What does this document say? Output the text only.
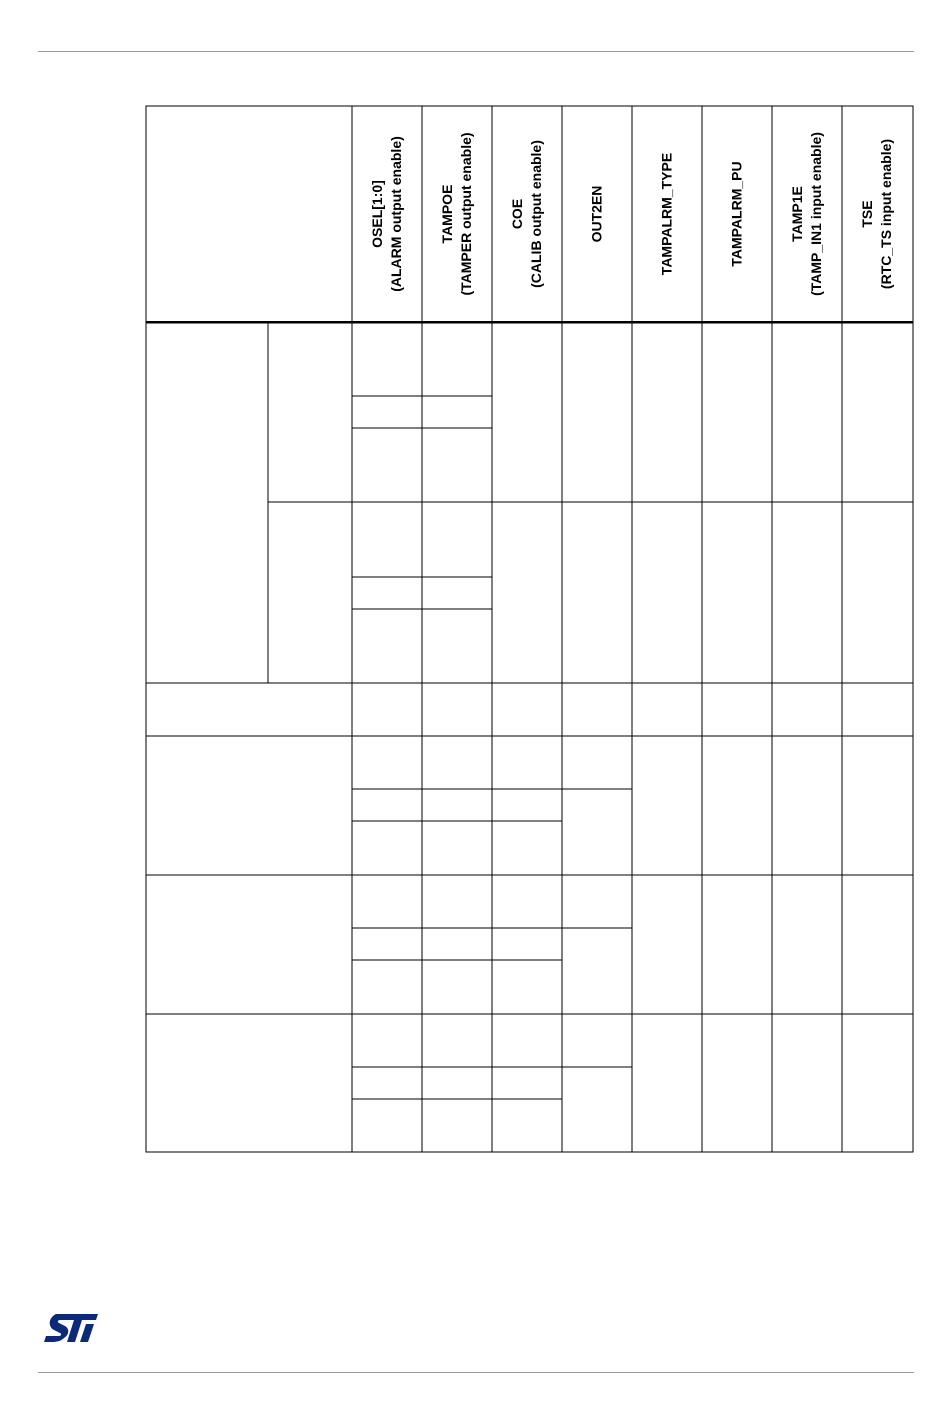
OSEL[1:0] (ALARM output enable)	TAMPOE (TAMPER output enable)	COE (CALIB output enable)	OUT2EN	TAMPALRM_TYPE	TAMPALRM_PU	TAMP1E (TAMP_IN1 input enable)	TSE (RTC_TS input enable)
